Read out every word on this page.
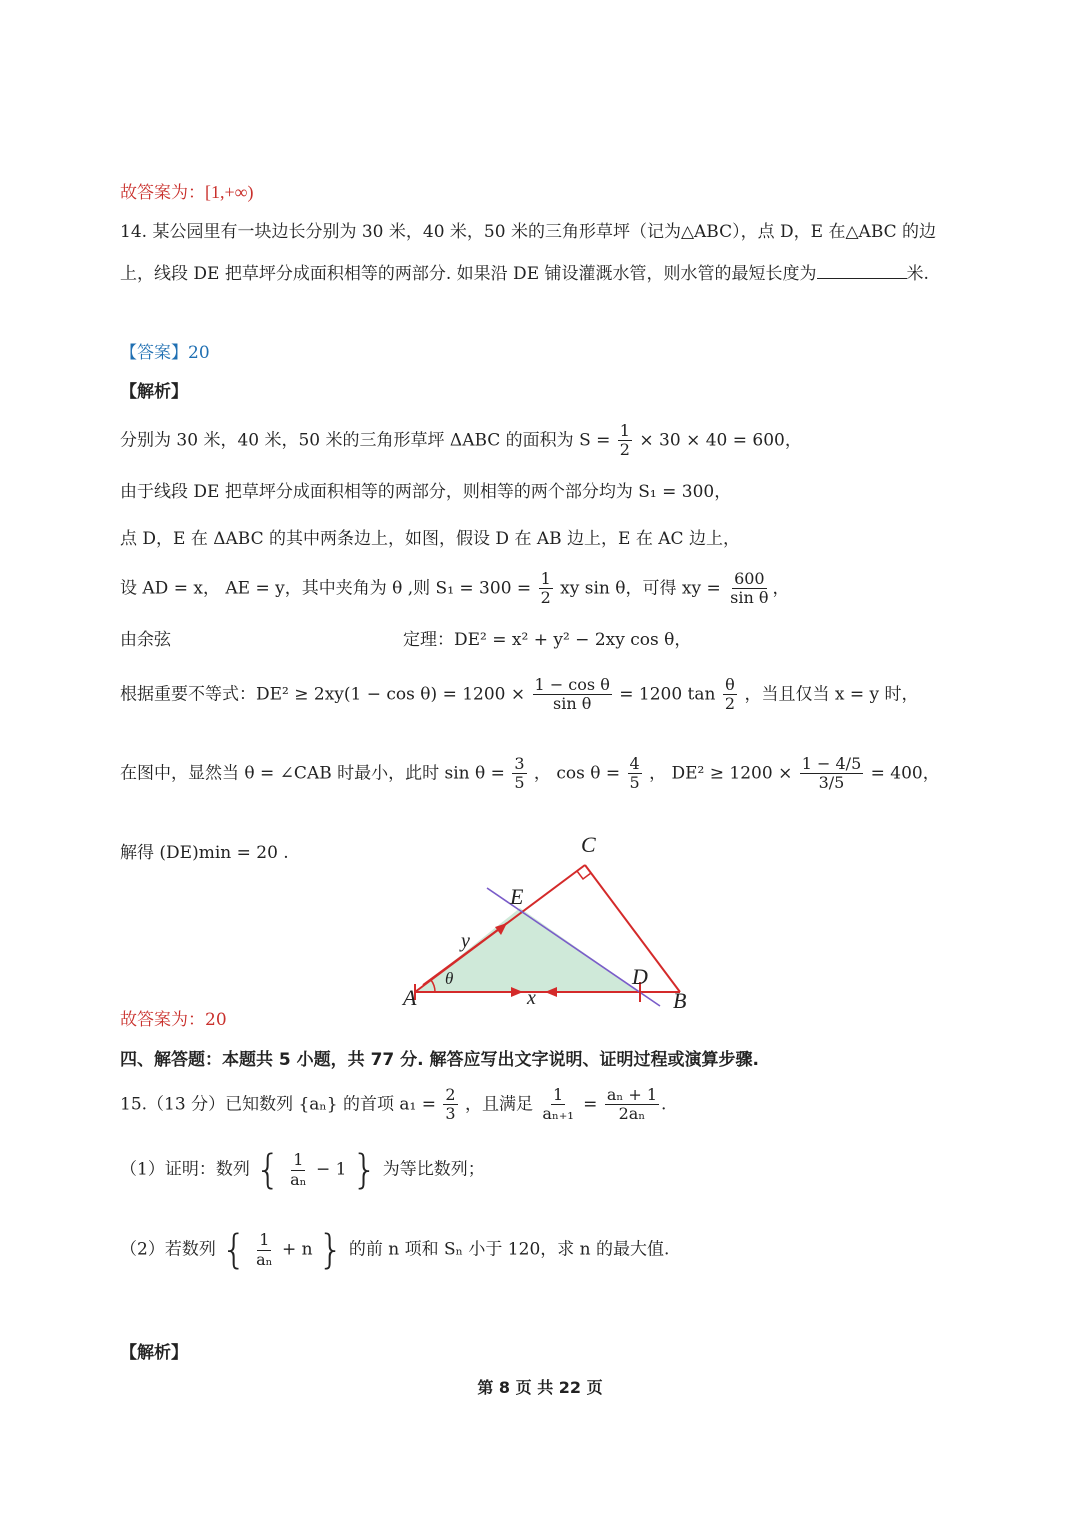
故答案为：[1,+∞)
14. 某公园里有一块边长分别为 30 米，40 米，50 米的三角形草坪（记为△ABC），点 D，E 在△ABC 的边
上，线段 DE 把草坪分成面积相等的两部分. 如果沿 DE 铺设灌溉水管，则水管的最短长度为	米.
【答案】20
【解析】
分别为 30 米，40 米，50 米的三角形草坪 ΔABC 的面积为 $S = \frac{1}{2} \times 30 \times 40 = 600$，
由于线段 DE 把草坪分成面积相等的两部分，则相等的两个部分均为 S₁ = 300，
点 D，E 在 ΔABC 的其中两条边上，如图，假设 D 在 AB 边上，E 在 AC 边上，
设 AD = x， AE = y，其中夹角为 θ ,则 $S_1 = 300 = \frac{1}{2}$ xy sin θ，可得 xy = $\frac{600}{\text{sin θ}}$ ，
由余弦	定理：DE² = x² + y² − 2xy cos θ，
根据重要不等式：$DE^2 \ge 2xy(1 - \cos \theta) = 1200 \times \frac{\text{1 − cos θ}}{\text{sin θ}} = 1200$ $\tan \frac{\theta}{2}$ ，当且仅当 x = y 时，
在图中，显然当 θ = ∠CAB 时最小，此时 $\sin \theta = \frac{3}{5}$ ， $\cos \theta = \frac{4}{5}$ ， $DE^2 \ge 1200 \times \frac{1 - 4/5}{3/5} = 400$，
解得 (DE)min = 20 .	C
E
y
θ	D
A	x	B
故答案为：20
四、解答题：本题共 5 小题，共 77 分. 解答应写出文字说明、证明过程或演算步骤.
15.（13 分）已知数列 {aₙ} 的首项 $a_1 = \frac{2}{3}$ ，且满足 $\frac{1}{\text{aₙ₊₁}} = \frac{\text{aₙ + 1}}{\text{2aₙ}}$ .
（1）证明：数列 { $\frac{1}{\text{aₙ}} - 1$ } 为等比数列；
（2）若数列 { $\frac{1}{\text{aₙ}} + n$ } 的前 n 项和 Sₙ 小于 120，求 n 的最大值.
【解析】
第 8 页 共 22 页
